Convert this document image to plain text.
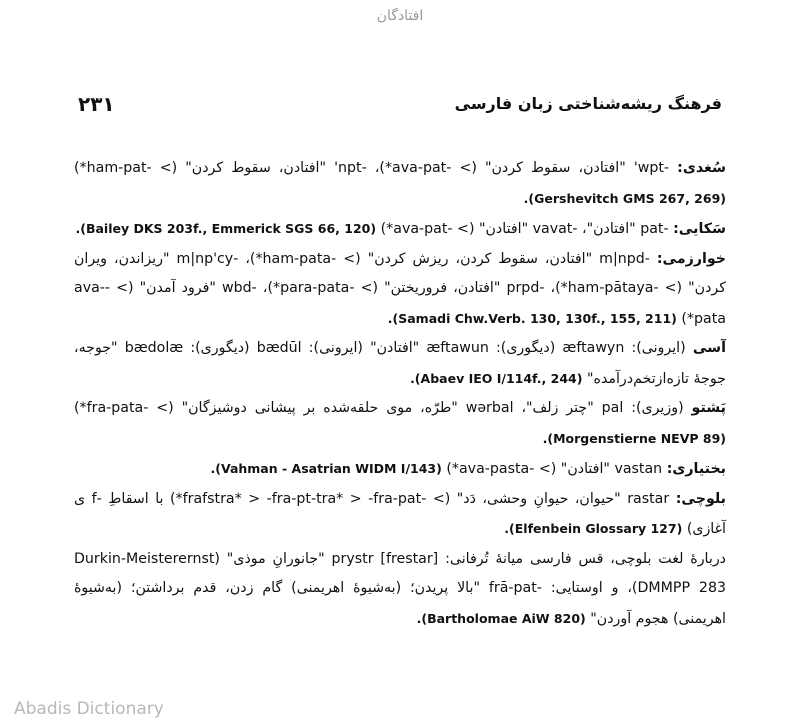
افتادگان
۲۳۱	فرهنگ ریشه‌شناختی زبان فارسی

سُغدی: -wpt' "افتادن، سقوط کردن" (> -ava-pat*)، -npt' "افتادن، سقوط کردن" (> -ham-pat*) (Gershevitch GMS 267, 269).

سَکایی: -pat "افتادن"، -vavat "افتادن" (> -ava-pat*) (Bailey DKS 203f., Emmerick SGS 66, 120).

خوارزمی: -m|npd "افتادن، سقوط کردن، ریزش کردن" (> -ham-pata*)، -m|np'cy "ریزاندن، ویران کردن" (> -ham-pātaya*)، -prpd "افتادن، فروریختن" (> -para-pata*)، -wbd "فرود آمدن" (> -ava-pata*) (Samadi Chw.Verb. 130, 130f., 155, 211).

آسی (ایرونی): æftawyn (دیگوری): æftawun "افتادن" (ایرونی): bædūl (دیگوری): bædolæ "جوجه، جوجهٔ تازه‌ازتخم‌درآمده" (Abaev IEO I/114f., 244).

پَشتو (وزیری): pal "چتر زلف"، wərbal "طرّه، موی حلقه‌شده بر پیشانی دوشیزگان" (> -fra-pata*) (Morgenstierne NEVP 89).

بختیاری: vastan "افتادن" (> -ava-pasta*) (Vahman - Asatrian WIDM I/143).

بلوچی: rastar "حیوان، حیوانِ وحشی، دَد" (> -frafstra* > -fra-pt-tra* > -fra-pat*) با اسقاطِ -f ی آغازی) (Elfenbein Glossary 127).

دربارهٔ لغت بلوچی، قس فارسی میانهٔ تُرفانی: prystr [frestar] "جانورانِ موذی" (Durkin-Meisterernst DMMPP 283)، و اوستایی: -frā-pat "بالا پریدن؛ (به‌شیوهٔ اهریمنی) گام زدن، قدم برداشتن؛ (به‌شیوهٔ اهریمنی) هجوم آوردن" (Bartholomae AiW 820).

Abadis Dictionary
